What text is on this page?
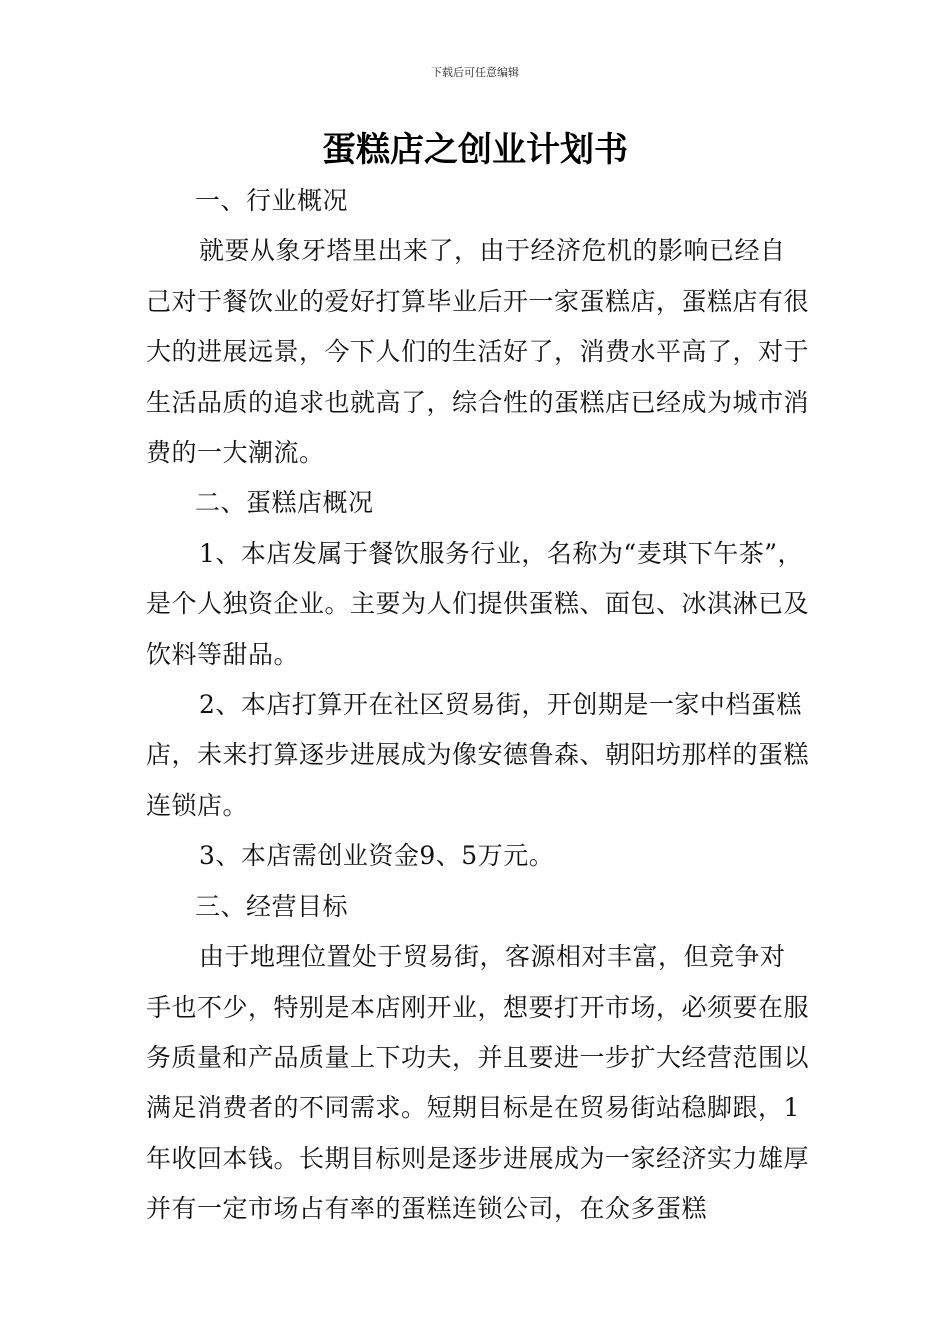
下载后可任意编辑
蛋糕店之创业计划书

一、行业概况

就要从象牙塔里出来了，由于经济危机的影响已经自己对于餐饮业的爱好打算毕业后开一家蛋糕店，蛋糕店有很大的进展远景，今下人们的生活好了，消费水平高了，对于生活品质的追求也就高了，综合性的蛋糕店已经成为城市消费的一大潮流。

二、蛋糕店概况

1、本店发属于餐饮服务行业，名称为“麦琪下午茶”，是个人独资企业。主要为人们提供蛋糕、面包、冰淇淋已及饮料等甜品。

2、本店打算开在社区贸易街，开创期是一家中档蛋糕店，未来打算逐步进展成为像安德鲁森、朝阳坊那样的蛋糕连锁店。

3、本店需创业资金9、5万元。

三、经营目标

由于地理位置处于贸易街，客源相对丰富，但竞争对手也不少，特别是本店刚开业，想要打开市场，必须要在服务质量和产品质量上下功夫，并且要进一步扩大经营范围以满足消费者的不同需求。短期目标是在贸易街站稳脚跟，1年收回本钱。长期目标则是逐步进展成为一家经济实力雄厚并有一定市场占有率的蛋糕连锁公司，在众多蛋糕
